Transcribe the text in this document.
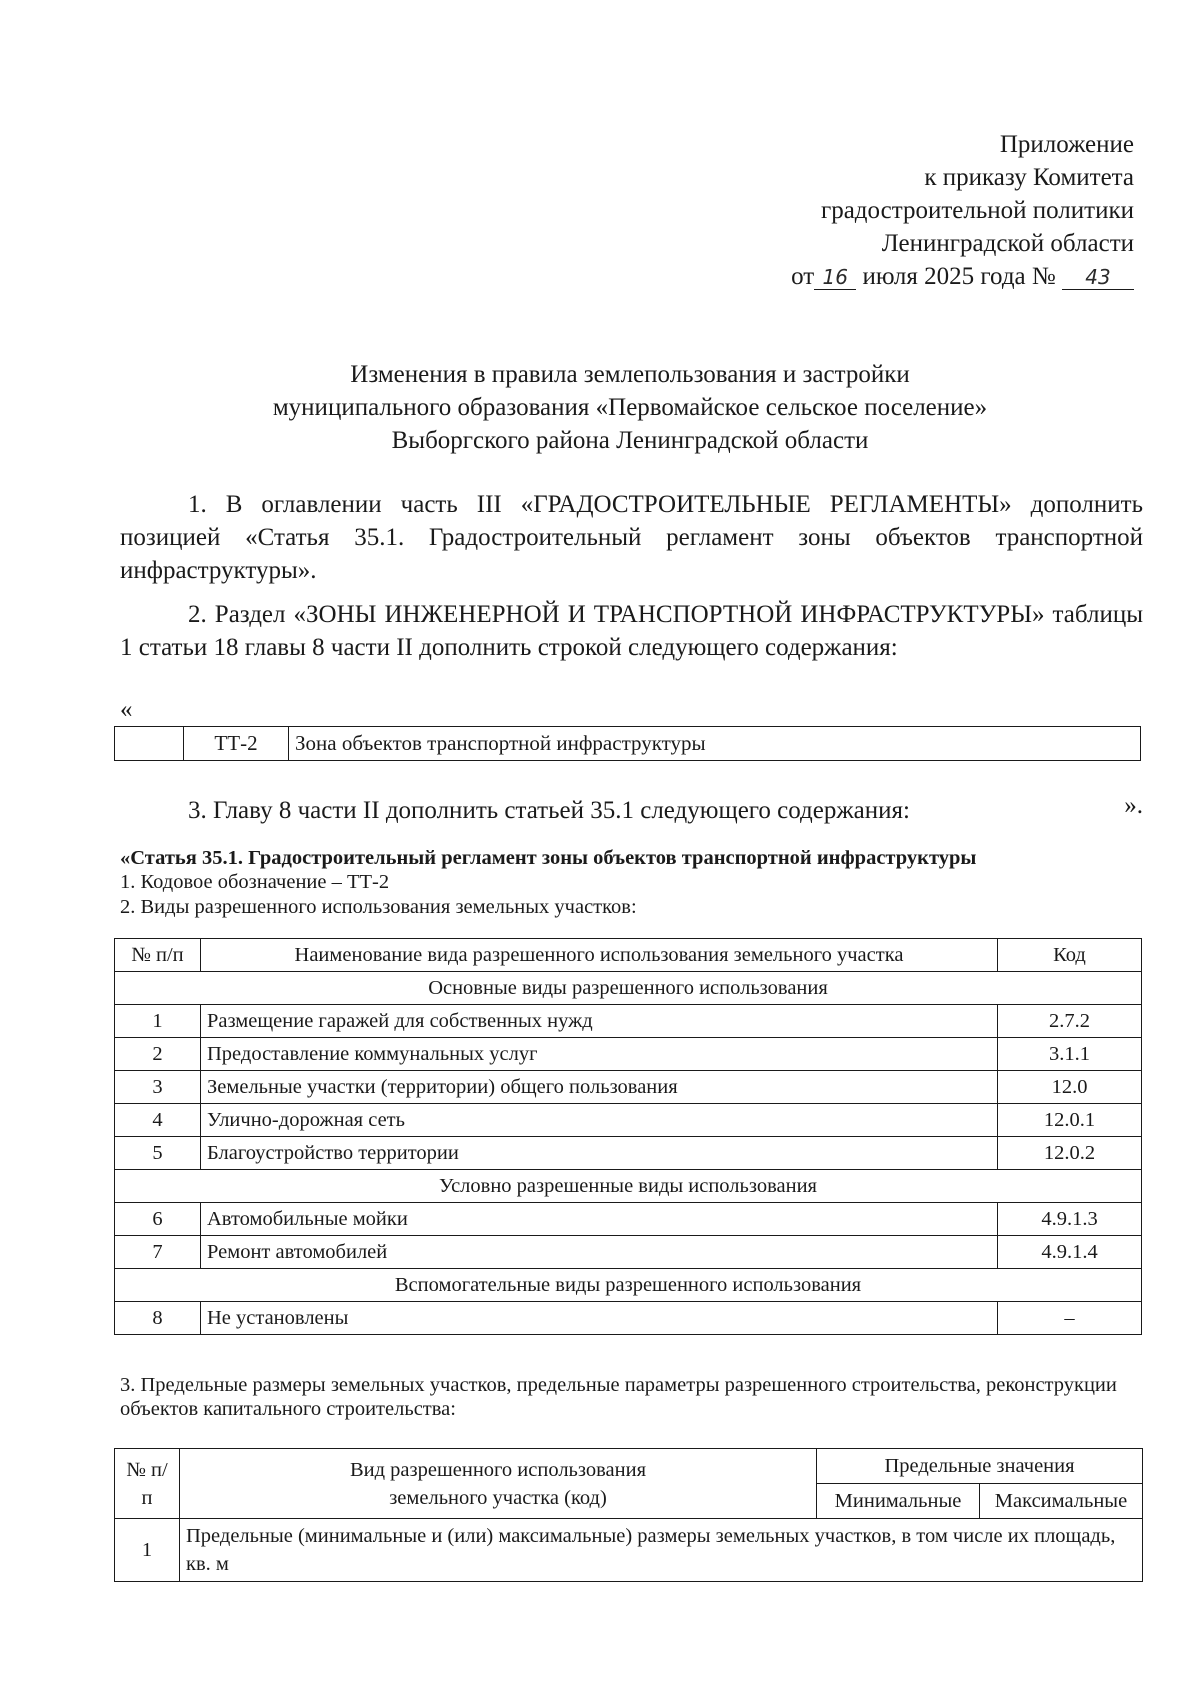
Приложение
к приказу Комитета
градостроительной политики
Ленинградской области
от 16 июля 2025 года № 43
Изменения в правила землепользования и застройки
муниципального образования «Первомайское сельское поселение»
Выборгского района Ленинградской области
1. В оглавлении часть III «ГРАДОСТРОИТЕЛЬНЫЕ РЕГЛАМЕНТЫ» дополнить позицией «Статья 35.1. Градостроительный регламент зоны объектов транспортной инфраструктуры».
2. Раздел «ЗОНЫ ИНЖЕНЕРНОЙ И ТРАНСПОРТНОЙ ИНФРАСТРУКТУРЫ» таблицы 1 статьи 18 главы 8 части II дополнить строкой следующего содержания:
«
	ТТ-2	Зона объектов транспортной инфраструктуры
».
3. Главу 8 части II дополнить статьей 35.1 следующего содержания:
«Статья 35.1. Градостроительный регламент зоны объектов транспортной инфраструктуры
1. Кодовое обозначение – ТТ-2
2. Виды разрешенного использования земельных участков:
№ п/п	Наименование вида разрешенного использования земельного участка	Код
Основные виды разрешенного использования		
1	Размещение гаражей для собственных нужд	2.7.2
2	Предоставление коммунальных услуг	3.1.1
3	Земельные участки (территории) общего пользования	12.0
4	Улично-дорожная сеть	12.0.1
5	Благоустройство территории	12.0.2
Условно разрешенные виды использования		
6	Автомобильные мойки	4.9.1.3
7	Ремонт автомобилей	4.9.1.4
Вспомогательные виды разрешенного использования		
8	Не установлены	–
3. Предельные размеры земельных участков, предельные параметры разрешенного строительства, реконструкции объектов капитального строительства:
№ п/п	Вид разрешенного использования земельного участка (код)	Предельные значения	
		Минимальные	Максимальные
1	Предельные (минимальные и (или) максимальные) размеры земельных участков, в том числе их площадь, кв. м		
